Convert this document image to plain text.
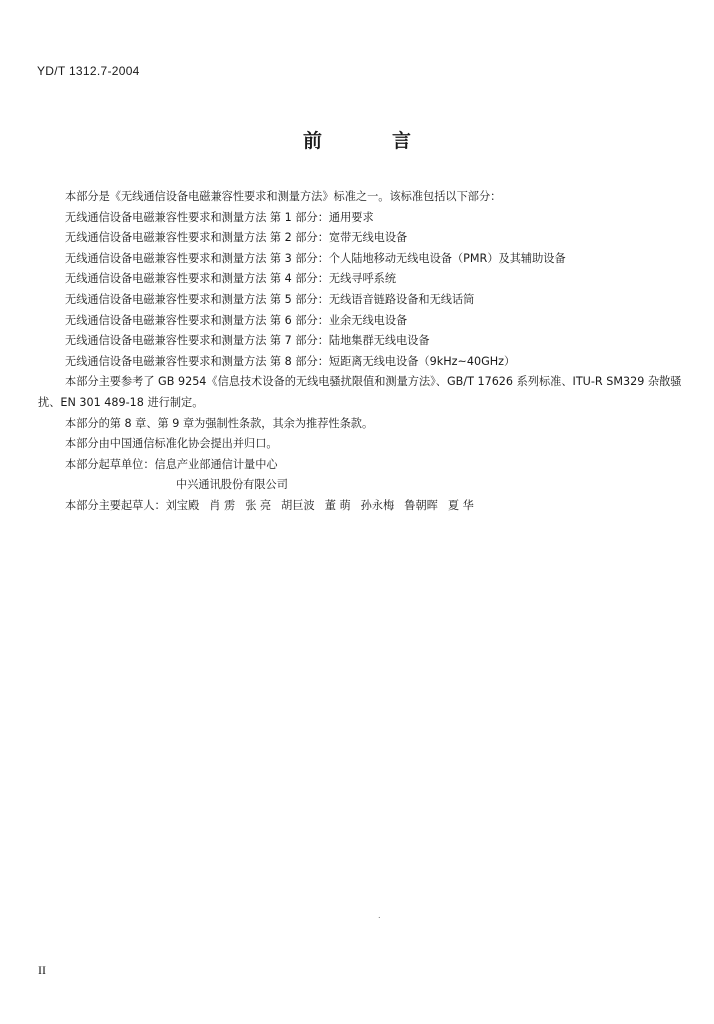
YD/T 1312.7-2004
前	言
本部分是《无线通信设备电磁兼容性要求和测量方法》标准之一。该标准包括以下部分：
无线通信设备电磁兼容性要求和测量方法 第 1 部分：通用要求
无线通信设备电磁兼容性要求和测量方法 第 2 部分：宽带无线电设备
无线通信设备电磁兼容性要求和测量方法 第 3 部分：个人陆地移动无线电设备（PMR）及其辅助设备
无线通信设备电磁兼容性要求和测量方法 第 4 部分：无线寻呼系统
无线通信设备电磁兼容性要求和测量方法 第 5 部分：无线语音链路设备和无线话筒
无线通信设备电磁兼容性要求和测量方法 第 6 部分：业余无线电设备
无线通信设备电磁兼容性要求和测量方法 第 7 部分：陆地集群无线电设备
无线通信设备电磁兼容性要求和测量方法 第 8 部分：短距离无线电设备（9kHz~40GHz）
本部分主要参考了 GB 9254《信息技术设备的无线电骚扰限值和测量方法》、GB/T 17626 系列标准、ITU-R SM329 杂散骚扰、EN 301 489-18 进行制定。
本部分的第 8 章、第 9 章为强制性条款，其余为推荐性条款。
本部分由中国通信标准化协会提出并归口。
本部分起草单位：信息产业部通信计量中心
中兴通讯股份有限公司
本部分主要起草人：刘宝殿 肖 雳 张 亮 胡巨波 董 萌 孙永梅 鲁朝晖 夏 华
.
II
